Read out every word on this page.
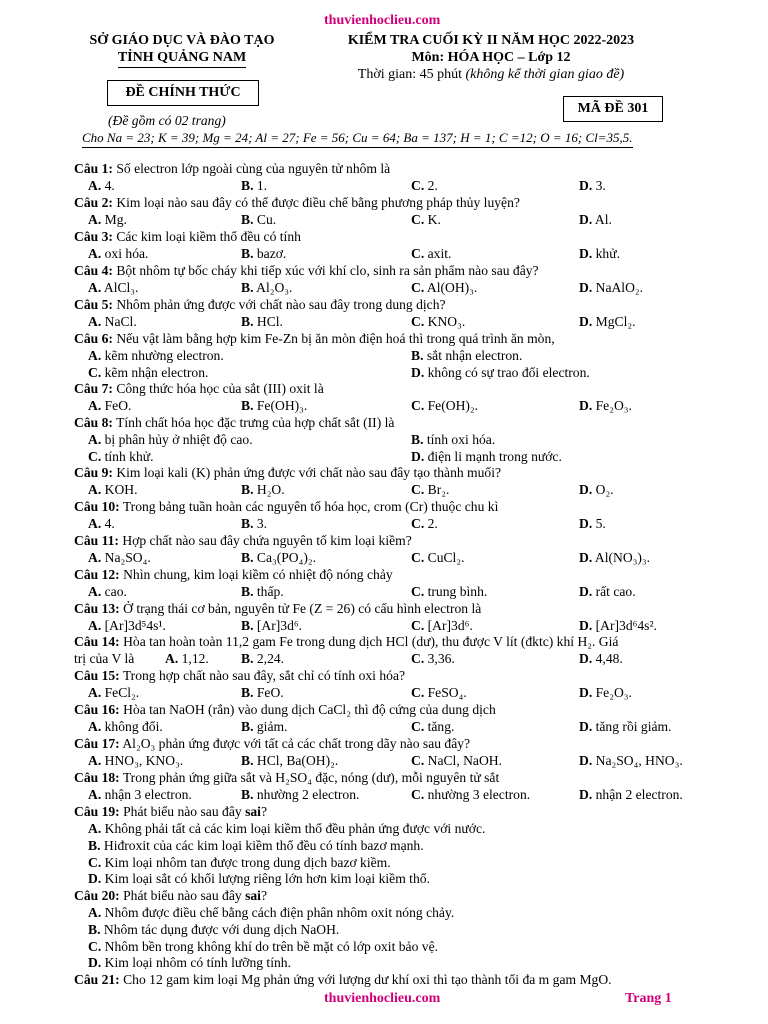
thuvienhoclieu.com
SỞ GIÁO DỤC VÀ ĐÀO TẠO
TỈNH QUẢNG NAM
KIỂM TRA CUỐI KỲ II NĂM HỌC 2022-2023
Môn: HÓA HỌC – Lớp 12
Thời gian: 45 phút (không kể thời gian giao đề)
ĐỀ CHÍNH THỨC
MÃ ĐỀ 301
(Đề gồm có 02 trang)
Cho Na = 23; K = 39; Mg = 24; Al = 27; Fe = 56; Cu = 64; Ba = 137; H = 1; C =12; O = 16; Cl=35,5.
Câu 1: Số electron lớp ngoài cùng của nguyên tử nhôm là
A. 4.	B. 1.	C. 2.	D. 3.
Câu 2: Kim loại nào sau đây có thể được điều chế bằng phương pháp thủy luyện?
A. Mg.	B. Cu.	C. K.	D. Al.
Câu 3: Các kim loại kiềm thổ đều có tính
A. oxi hóa.	B. bazơ.	C. axit.	D. khử.
Câu 4: Bột nhôm tự bốc cháy khi tiếp xúc với khí clo, sinh ra sản phẩm nào sau đây?
A. AlCl₃.	B. Al₂O₃.	C. Al(OH)₃.	D. NaAlO₂.
Câu 5: Nhôm phản ứng được với chất nào sau đây trong dung dịch?
A. NaCl.	B. HCl.	C. KNO₃.	D. MgCl₂.
Câu 6: Nếu vật làm bằng hợp kim Fe-Zn bị ăn mòn điện hoá thì trong quá trình ăn mòn,
A. kẽm nhường electron.	B. sắt nhận electron.
C. kẽm nhận electron.	D. không có sự trao đổi electron.
Câu 7: Công thức hóa học của sắt (III) oxit là
A. FeO.	B. Fe(OH)₃.	C. Fe(OH)₂.	D. Fe₂O₃.
Câu 8: Tính chất hóa học đặc trưng của hợp chất sắt (II) là
A. bị phân hủy ở nhiệt độ cao.	B. tính oxi hóa.
C. tính khử.	D. điện li mạnh trong nước.
Câu 9: Kim loại kali (K) phản ứng được với chất nào sau đây tạo thành muối?
A. KOH.	B. H₂O.	C. Br₂.	D. O₂.
Câu 10: Trong bảng tuần hoàn các nguyên tố hóa học, crom (Cr) thuộc chu kì
A. 4.	B. 3.	C. 2.	D. 5.
Câu 11: Hợp chất nào sau đây chứa nguyên tố kim loại kiềm?
A. Na₂SO₄.	B. Ca₃(PO₄)₂.	C. CuCl₂.	D. Al(NO₃)₃.
Câu 12: Nhìn chung, kim loại kiềm có nhiệt độ nóng chảy
A. cao.	B. thấp.	C. trung bình.	D. rất cao.
Câu 13: Ở trạng thái cơ bản, nguyên tử Fe (Z = 26) có cấu hình electron là
A. [Ar]3d⁵4s¹.	B. [Ar]3d⁶.	C. [Ar]3d⁶.	D. [Ar]3d⁶4s².
Câu 14: Hòa tan hoàn toàn 11,2 gam Fe trong dung dịch HCl (dư), thu được V lít (đktc) khí H₂. Giá
trị của V là	A. 1,12. B. 2,24.	C. 3,36.	D. 4,48.
Câu 15: Trong hợp chất nào sau đây, sắt chỉ có tính oxi hóa?
A. FeCl₂.	B. FeO.	C. FeSO₄.	D. Fe₂O₃.
Câu 16: Hòa tan NaOH (rắn) vào dung dịch CaCl₂ thì độ cứng của dung dịch
A. không đổi.	B. giảm.	C. tăng.	D. tăng rồi giảm.
Câu 17: Al₂O₃ phản ứng được với tất cả các chất trong dãy nào sau đây?
A. HNO₃, KNO₃.	B. HCl, Ba(OH)₂.	C. NaCl, NaOH.	D. Na₂SO₄, HNO₃.
Câu 18: Trong phản ứng giữa sắt và H₂SO₄ đặc, nóng (dư), mỗi nguyên tử sắt
A. nhận 3 electron.	B. nhường 2 electron.	C. nhường 3 electron.	D. nhận 2 electron.
Câu 19: Phát biểu nào sau đây sai?
A. Không phải tất cả các kim loại kiềm thổ đều phản ứng được với nước.
B. Hiđroxit của các kim loại kiềm thổ đều có tính bazơ mạnh.
C. Kim loại nhôm tan được trong dung dịch bazơ kiềm.
D. Kim loại sắt có khối lượng riêng lớn hơn kim loại kiềm thổ.
Câu 20: Phát biểu nào sau đây sai?
A. Nhôm được điều chế bằng cách điện phân nhôm oxit nóng chảy.
B. Nhôm tác dụng được với dung dịch NaOH.
C. Nhôm bền trong không khí do trên bề mặt có lớp oxit bảo vệ.
D. Kim loại nhôm có tính lưỡng tính.
Câu 21: Cho 12 gam kim loại Mg phản ứng với lượng dư khí oxi thì tạo thành tối đa m gam MgO.
thuvienhoclieu.com	Trang 1
